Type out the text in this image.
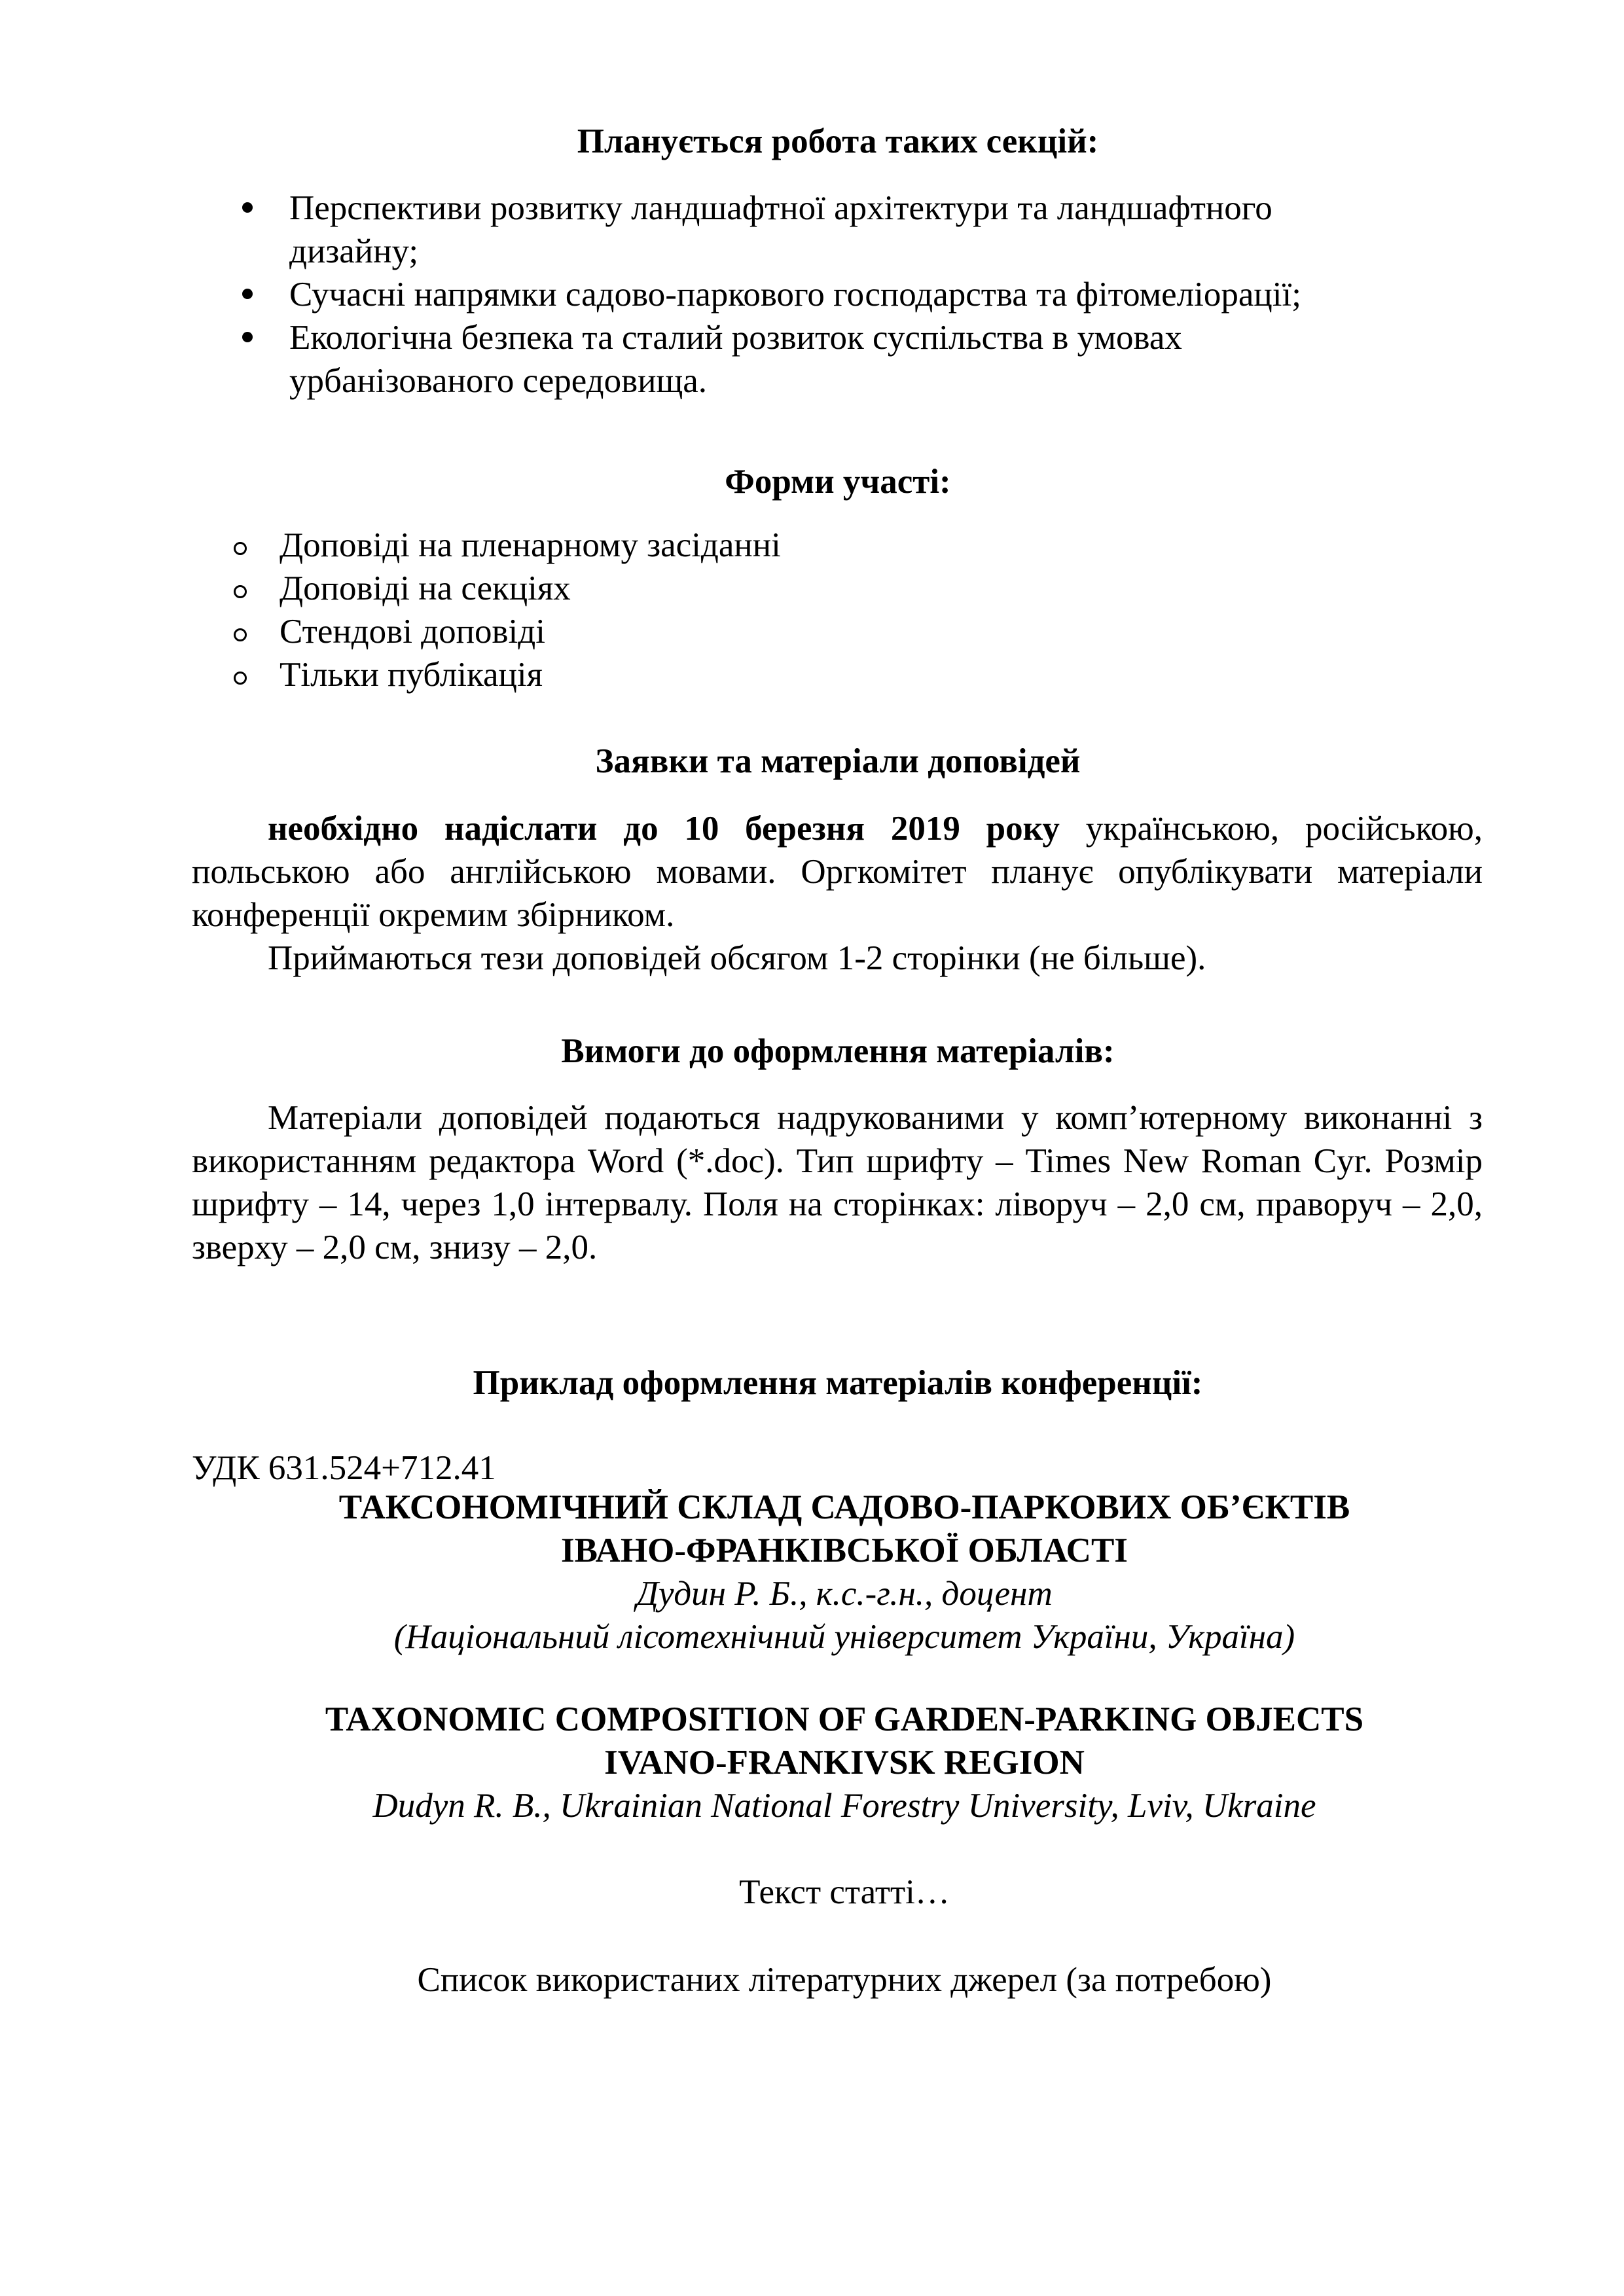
Планується робота таких секцій:
Перспективи розвитку ландшафтної архітектури та ландшафтного
дизайну;
Сучасні напрямки садово-паркового господарства та фітомеліорації;
Екологічна безпека та сталий розвиток суспільства в умовах
урбанізованого середовища.
Форми участі:
Доповіді на пленарному засіданні
Доповіді на секціях
Стендові доповіді
Тільки публікація
Заявки та матеріали доповідей

необхідно надіслати до 10 березня 2019 року українською, російською, польською або англійською мовами. Оргкомітет планує опублікувати матеріали конференції окремим збірником.

Приймаються тези доповідей обсягом 1-2 сторінки (не більше).

Вимоги до оформлення матеріалів:

Матеріали доповідей подаються надрукованими у комп’ютерному виконанні з використанням редактора Word (*.doc). Тип шрифту – Times New Roman Cyr. Розмір шрифту – 14, через 1,0 інтервалу. Поля на сторінках: ліворуч – 2,0 см, праворуч – 2,0, зверху – 2,0 см, знизу – 2,0.

Приклад оформлення матеріалів конференції:
УДК 631.524+712.41
ТАКСОНОМІЧНИЙ СКЛАД САДОВО-ПАРКОВИХ ОБ’ЄКТІВ
ІВАНО-ФРАНКІВСЬКОЇ ОБЛАСТІ
Дудин Р. Б., к.с.-г.н., доцент
(Національний лісотехнічний університет України, Україна)
TAXONOMIC COMPOSITION OF GARDEN-PARKING OBJECTS
IVANO-FRANKIVSK REGION
Dudyn R. B., Ukrainian National Forestry University, Lviv, Ukraine
Текст статті…
Список використаних літературних джерел (за потребою)
